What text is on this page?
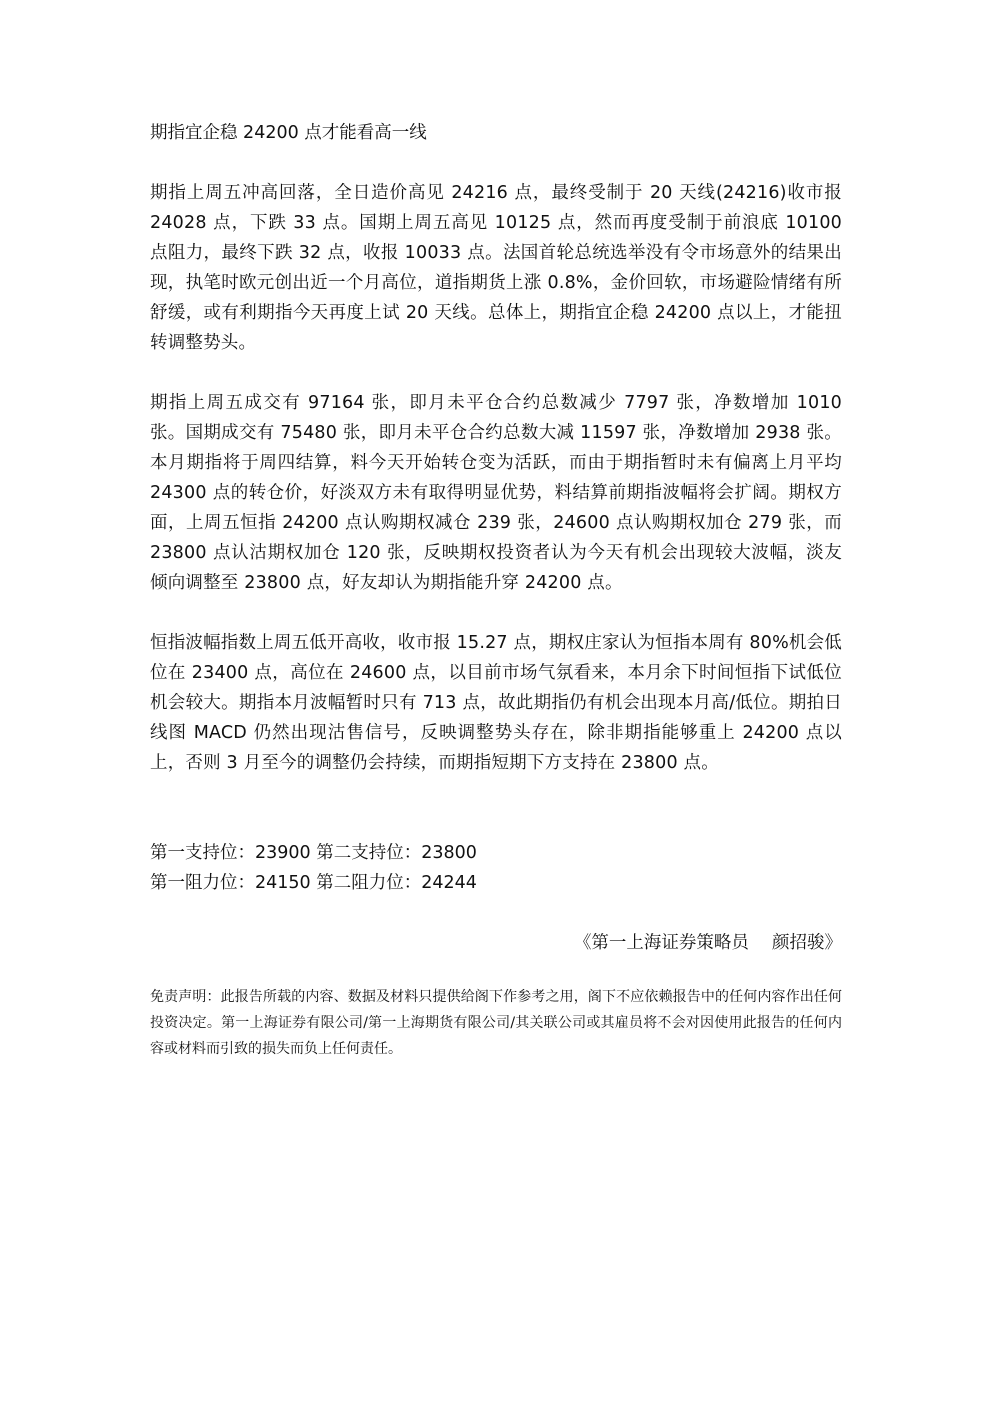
期指宜企稳 24200 点才能看高一线

期指上周五冲高回落，全日造价高见 24216 点，最终受制于 20 天线(24216)收市报 24028 点，下跌 33 点。国期上周五高见 10125 点，然而再度受制于前浪底 10100 点阻力，最终下跌 32 点，收报 10033 点。法国首轮总统选举没有令市场意外的结果出现，执笔时欧元创出近一个月高位，道指期货上涨 0.8%，金价回软，市场避险情绪有所舒缓，或有利期指今天再度上试 20 天线。总体上，期指宜企稳 24200 点以上，才能扭转调整势头。

期指上周五成交有 97164 张，即月未平仓合约总数减少 7797 张，净数增加 1010 张。国期成交有 75480 张，即月未平仓合约总数大减 11597 张，净数增加 2938 张。本月期指将于周四结算，料今天开始转仓变为活跃，而由于期指暂时未有偏离上月平均 24300 点的转仓价，好淡双方未有取得明显优势，料结算前期指波幅将会扩阔。期权方面，上周五恒指 24200 点认购期权减仓 239 张，24600 点认购期权加仓 279 张，而 23800 点认沽期权加仓 120 张，反映期权投资者认为今天有机会出现较大波幅，淡友倾向调整至 23800 点，好友却认为期指能升穿 24200 点。

恒指波幅指数上周五低开高收，收市报 15.27 点，期权庄家认为恒指本周有 80%机会低位在 23400 点，高位在 24600 点，以目前市场气氛看来，本月余下时间恒指下试低位机会较大。期指本月波幅暂时只有 713 点，故此期指仍有机会出现本月高/低位。期拍日线图 MACD 仍然出现沽售信号，反映调整势头存在，除非期指能够重上 24200 点以上，否则 3 月至今的调整仍会持续，而期指短期下方支持在 23800 点。

第一支持位：23900 第二支持位：23800
第一阻力位：24150 第二阻力位：24244
《第一上海证券策略员　 颜招骏》

免责声明：此报告所载的内容、数据及材料只提供给阁下作参考之用，阁下不应依赖报告中的任何内容作出任何投资决定。第一上海证券有限公司/第一上海期货有限公司/其关联公司或其雇员将不会对因使用此报告的任何内容或材料而引致的损失而负上任何责任。
